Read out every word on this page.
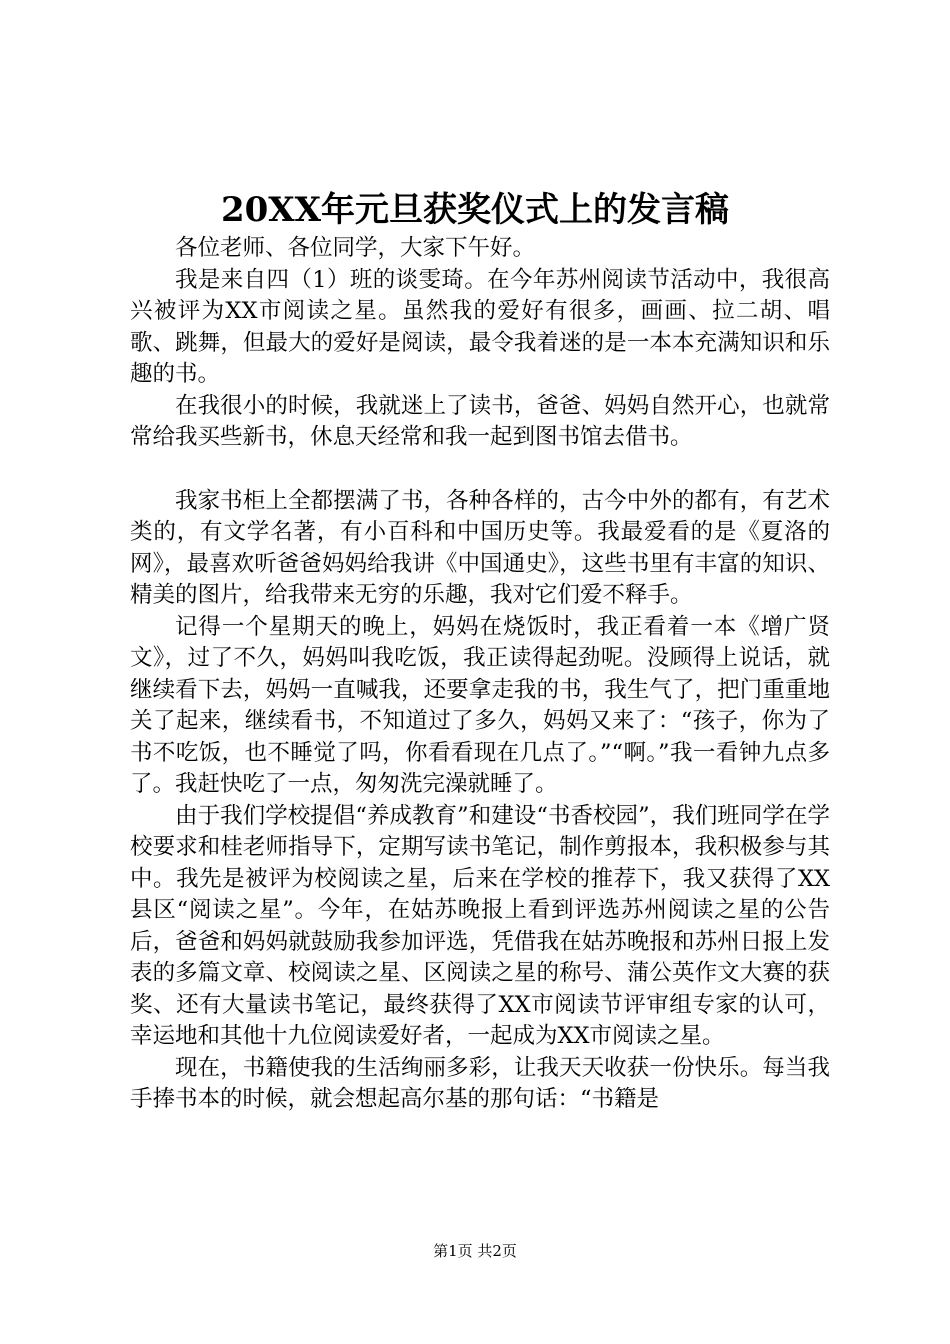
20XX年元旦获奖仪式上的发言稿

各位老师、各位同学，大家下午好。

我是来自四（1）班的谈雯琦。在今年苏州阅读节活动中，我很高兴被评为XX市阅读之星。虽然我的爱好有很多，画画、拉二胡、唱歌、跳舞，但最大的爱好是阅读，最令我着迷的是一本本充满知识和乐趣的书。

在我很小的时候，我就迷上了读书，爸爸、妈妈自然开心，也就常常给我买些新书，休息天经常和我一起到图书馆去借书。

我家书柜上全都摆满了书，各种各样的，古今中外的都有，有艺术类的，有文学名著，有小百科和中国历史等。我最爱看的是《夏洛的网》，最喜欢听爸爸妈妈给我讲《中国通史》，这些书里有丰富的知识、精美的图片，给我带来无穷的乐趣，我对它们爱不释手。

记得一个星期天的晚上，妈妈在烧饭时，我正看着一本《增广贤文》，过了不久，妈妈叫我吃饭，我正读得起劲呢。没顾得上说话，就继续看下去，妈妈一直喊我，还要拿走我的书，我生气了，把门重重地关了起来，继续看书，不知道过了多久，妈妈又来了：“孩子，你为了书不吃饭，也不睡觉了吗，你看看现在几点了。”“啊。”我一看钟九点多了。我赶快吃了一点，匆匆洗完澡就睡了。

由于我们学校提倡“养成教育”和建设“书香校园”，我们班同学在学校要求和桂老师指导下，定期写读书笔记，制作剪报本，我积极参与其中。我先是被评为校阅读之星，后来在学校的推荐下，我又获得了XX县区“阅读之星”。今年，在姑苏晚报上看到评选苏州阅读之星的公告后，爸爸和妈妈就鼓励我参加评选，凭借我在姑苏晚报和苏州日报上发表的多篇文章、校阅读之星、区阅读之星的称号、蒲公英作文大赛的获奖、还有大量读书笔记，最终获得了XX市阅读节评审组专家的认可，幸运地和其他十九位阅读爱好者，一起成为XX市阅读之星。

现在，书籍使我的生活绚丽多彩，让我天天收获一份快乐。每当我手捧书本的时候，就会想起高尔基的那句话：“书籍是

第1页 共2页
